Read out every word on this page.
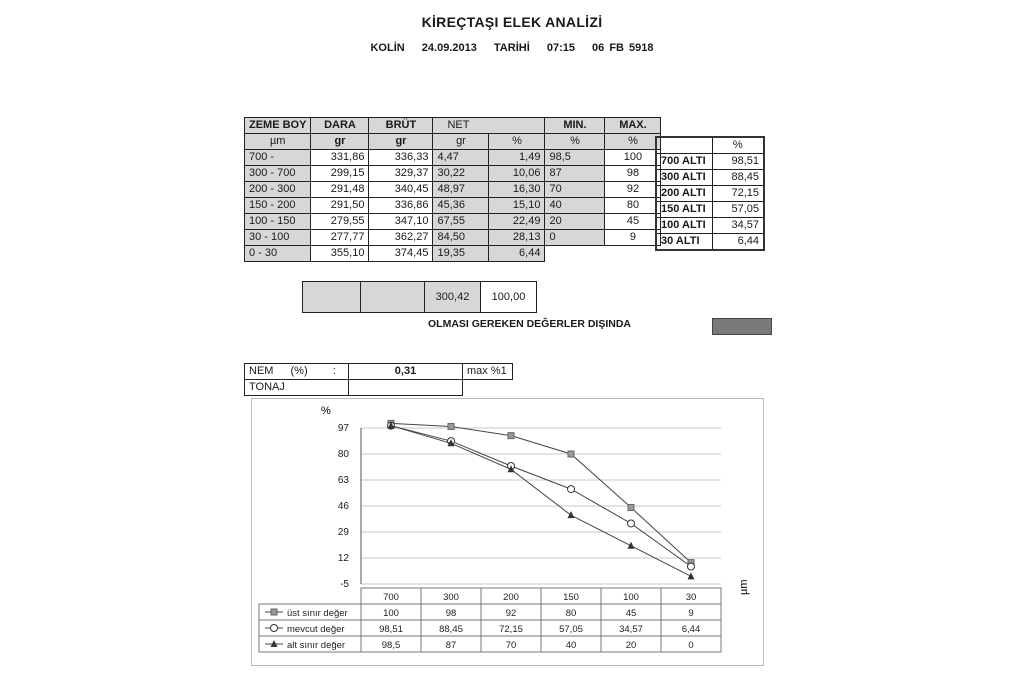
KİREÇTAŞI ELEK ANALİZİ
KOLİN 24.09.2013 TARİHİ 07:15 06 FB 5918
ZEME BOY	DARA	BRÜT	NET		MIN.	MAX.
µm	gr	gr	gr	%	%	%
700 -	331,86	336,33	4,47	1,49	98,5	100
300 - 700	299,15	329,37	30,22	10,06	87	98
200 - 300	291,48	340,45	48,97	16,30	70	92
150 - 200	291,50	336,86	45,36	15,10	40	80
100 - 150	279,55	347,10	67,55	22,49	20	45
30 - 100	277,77	362,27	84,50	28,13	0	9
0 - 30	355,10	374,45	19,35	6,44		
	%
700 ALTI	98,51
300 ALTI	88,45
200 ALTI	72,15
150 ALTI	57,05
100 ALTI	34,57
30 ALTI	6,44
		300,42	100,00
OLMASI GEREKEN DEĞERLER DIŞINDA
NEM (%) :	0,31	max %1
TONAJ		
%
µm
97
80
63
46
29
12
-5
700	300	200	150	100	30
üst sınır değer	100	98	92	80	45	9
mevcut değer	98,51	88,45	72,15	57,05	34,57	6,44
alt sınır değer	98,5	87	70	40	20	0
